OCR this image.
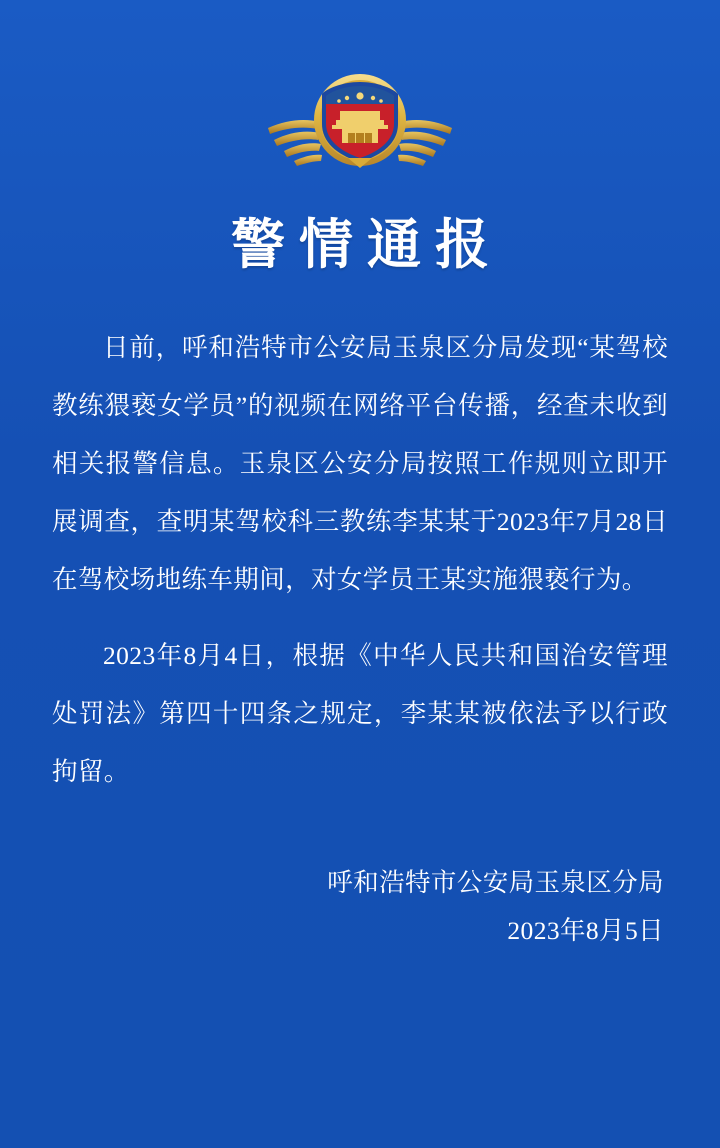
警情通报

日前，呼和浩特市公安局玉泉区分局发现“某驾校教练猥亵女学员”的视频在网络平台传播，经查未收到相关报警信息。玉泉区公安分局按照工作规则立即开展调查，查明某驾校科三教练李某某于2023年7月28日在驾校场地练车期间，对女学员王某实施猥亵行为。

2023年8月4日，根据《中华人民共和国治安管理处罚法》第四十四条之规定，李某某被依法予以行政拘留。

呼和浩特市公安局玉泉区分局
2023年8月5日
